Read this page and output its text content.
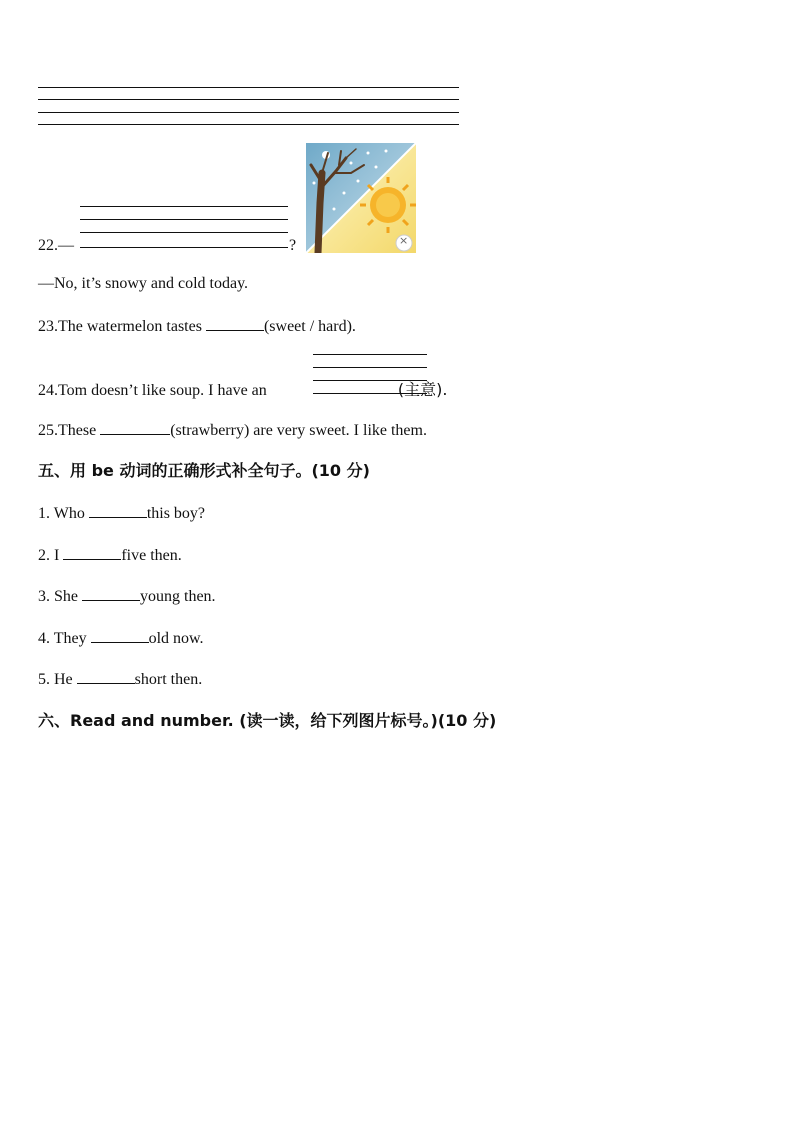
22.—	?	×
—No, it’s snowy and cold today.
23.The watermelon tastes	(sweet / hard).
24.Tom doesn’t like soup. I have an	(主意).
25.These	(strawberry) are very sweet. I like them.
五、用 be 动词的正确形式补全句子。(10 分)
1. Who	this boy?
2. I	five then.
3. She	young then.
4. They	old now.
5. He	short then.
六、Read and number. (读一读，给下列图片标号。)(10 分)
